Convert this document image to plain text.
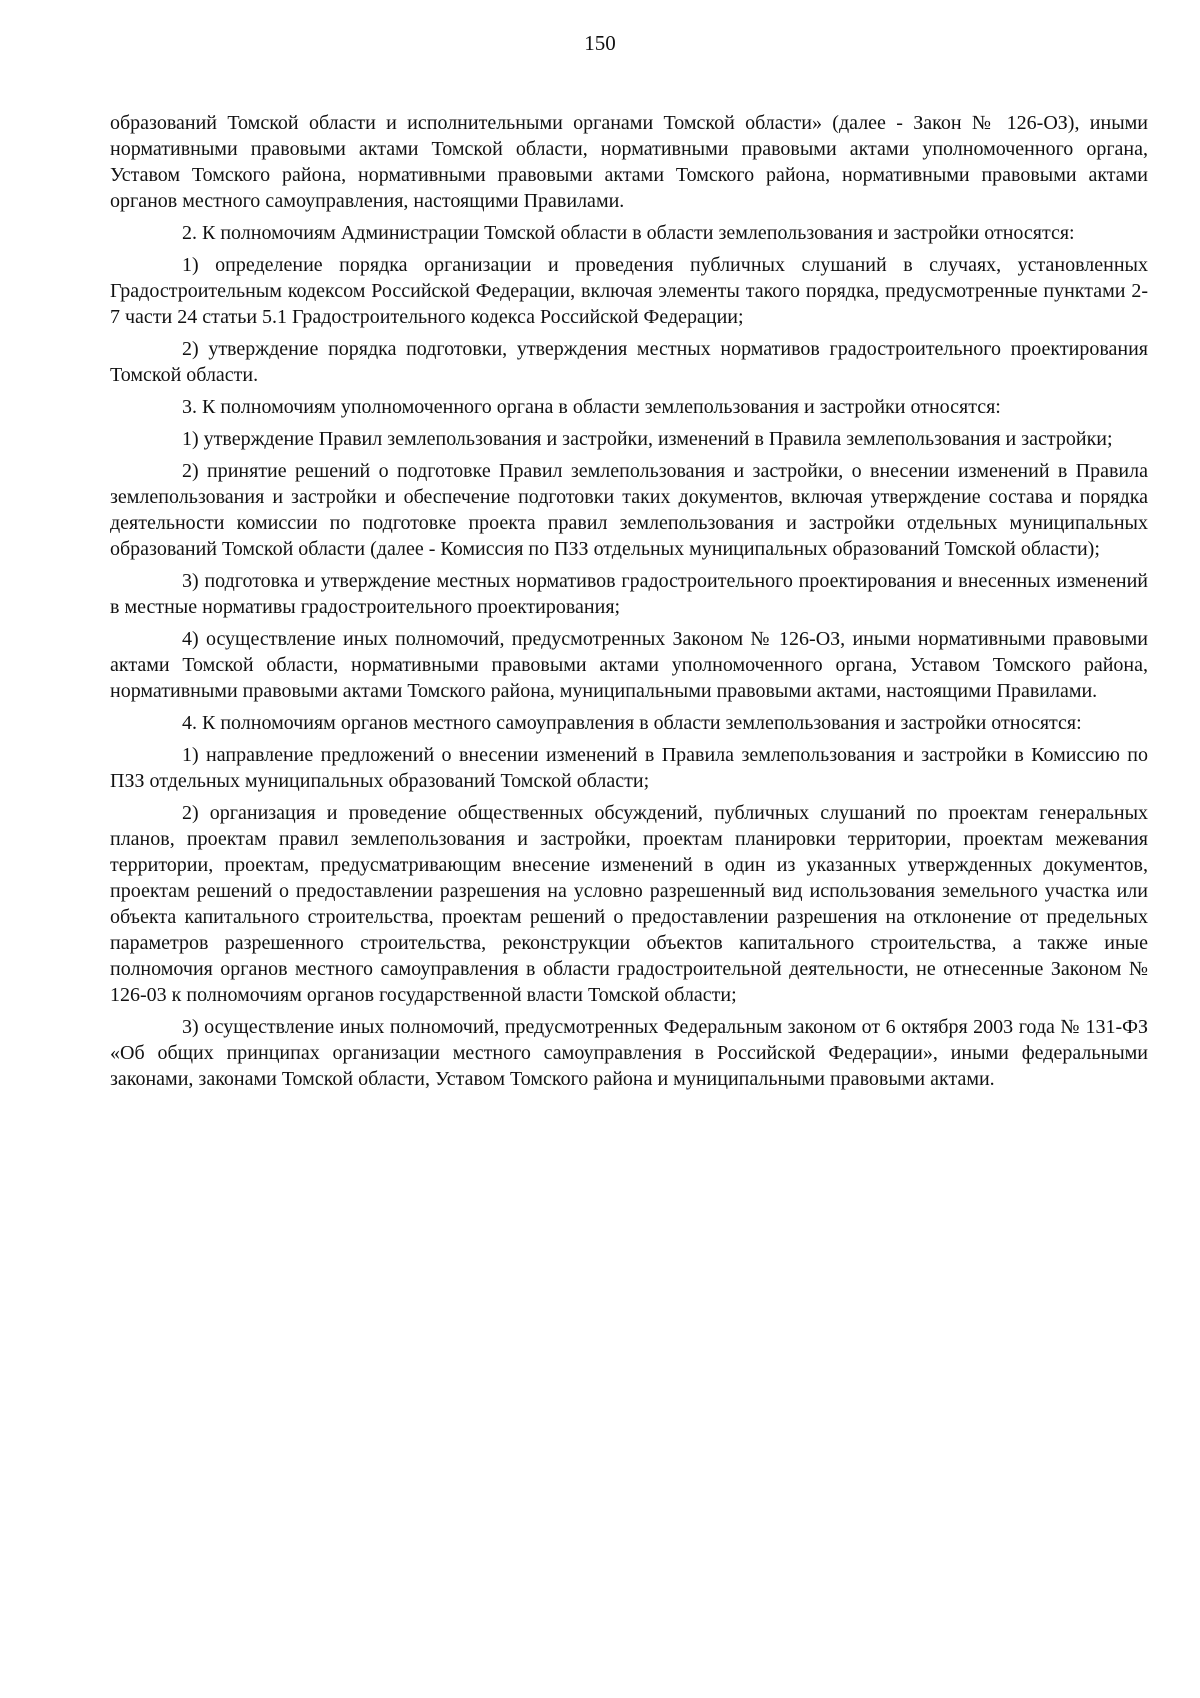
150

образований Томской области и исполнительными органами Томской области» (далее - Закон № 126-ОЗ), иными нормативными правовыми актами Томской области, нормативными правовыми актами уполномоченного органа, Уставом Томского района, нормативными правовыми актами Томского района, нормативными правовыми актами органов местного самоуправления, настоящими Правилами.

2. К полномочиям Администрации Томской области в области землепользования и застройки относятся:

1) определение порядка организации и проведения публичных слушаний в случаях, установленных Градостроительным кодексом Российской Федерации, включая элементы такого порядка, предусмотренные пунктами 2-7 части 24 статьи 5.1 Градостроительного кодекса Российской Федерации;

2) утверждение порядка подготовки, утверждения местных нормативов градостроительного проектирования Томской области.

3. К полномочиям уполномоченного органа в области землепользования и застройки относятся:

1) утверждение Правил землепользования и застройки, изменений в Правила землепользования и застройки;

2) принятие решений о подготовке Правил землепользования и застройки, о внесении изменений в Правила землепользования и застройки и обеспечение подготовки таких документов, включая утверждение состава и порядка деятельности комиссии по подготовке проекта правил землепользования и застройки отдельных муниципальных образований Томской области (далее - Комиссия по ПЗЗ отдельных муниципальных образований Томской области);

3) подготовка и утверждение местных нормативов градостроительного проектирования и внесенных изменений в местные нормативы градостроительного проектирования;

4) осуществление иных полномочий, предусмотренных Законом № 126-ОЗ, иными нормативными правовыми актами Томской области, нормативными правовыми актами уполномоченного органа, Уставом Томского района, нормативными правовыми актами Томского района, муниципальными правовыми актами, настоящими Правилами.

4. К полномочиям органов местного самоуправления в области землепользования и застройки относятся:

1) направление предложений о внесении изменений в Правила землепользования и застройки в Комиссию по ПЗЗ отдельных муниципальных образований Томской области;

2) организация и проведение общественных обсуждений, публичных слушаний по проектам генеральных планов, проектам правил землепользования и застройки, проектам планировки территории, проектам межевания территории, проектам, предусматривающим внесение изменений в один из указанных утвержденных документов, проектам решений о предоставлении разрешения на условно разрешенный вид использования земельного участка или объекта капитального строительства, проектам решений о предоставлении разрешения на отклонение от предельных параметров разрешенного строительства, реконструкции объектов капитального строительства, а также иные полномочия органов местного самоуправления в области градостроительной деятельности, не отнесенные Законом № 126-03 к полномочиям органов государственной власти Томской области;

3) осуществление иных полномочий, предусмотренных Федеральным законом от 6 октября 2003 года № 131-ФЗ «Об общих принципах организации местного самоуправления в Российской Федерации», иными федеральными законами, законами Томской области, Уставом Томского района и муниципальными правовыми актами.
